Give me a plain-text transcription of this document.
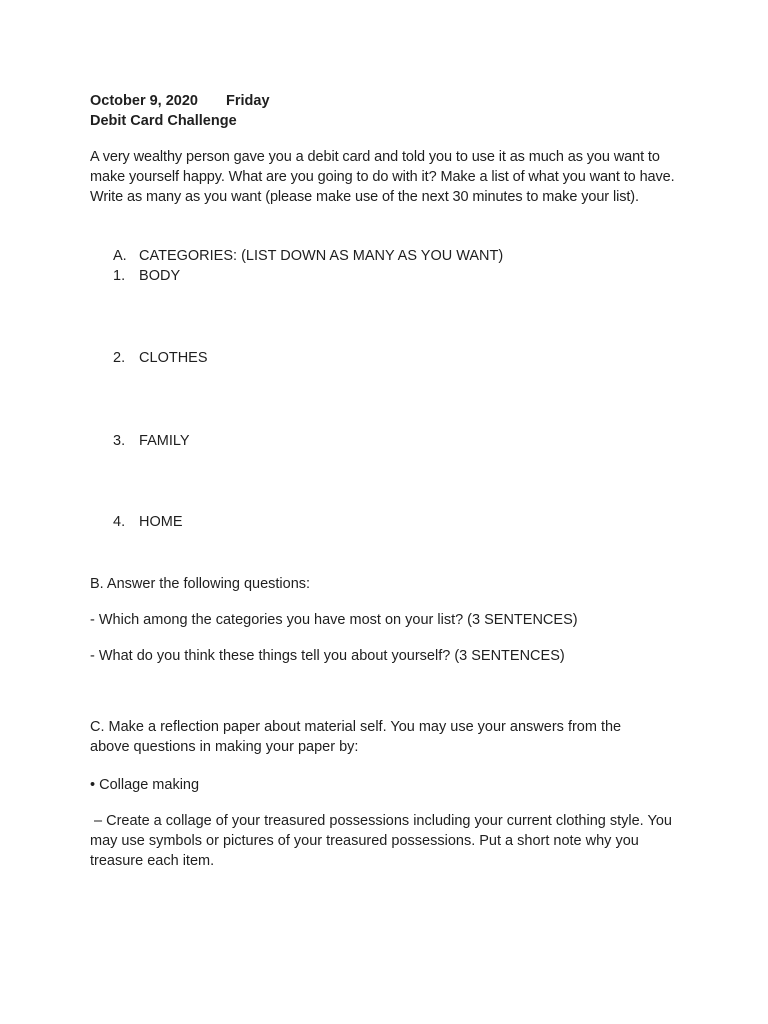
October 9, 2020 Friday
Debit Card Challenge
A very wealthy person gave you a debit card and told you to use it as much as you want to make yourself happy. What are you going to do with it? Make a list of what you want to have. Write as many as you want (please make use of the next 30 minutes to make your list).
A. CATEGORIES: (LIST DOWN AS MANY AS YOU WANT)
1. BODY
2. CLOTHES
3. FAMILY
4. HOME
B. Answer the following questions:
- Which among the categories you have most on your list? (3 SENTENCES)
- What do you think these things tell you about yourself? (3 SENTENCES)
C. Make a reflection paper about material self. You may use your answers from the above questions in making your paper by:
• Collage making
– Create a collage of your treasured possessions including your current clothing style. You may use symbols or pictures of your treasured possessions. Put a short note why you treasure each item.
